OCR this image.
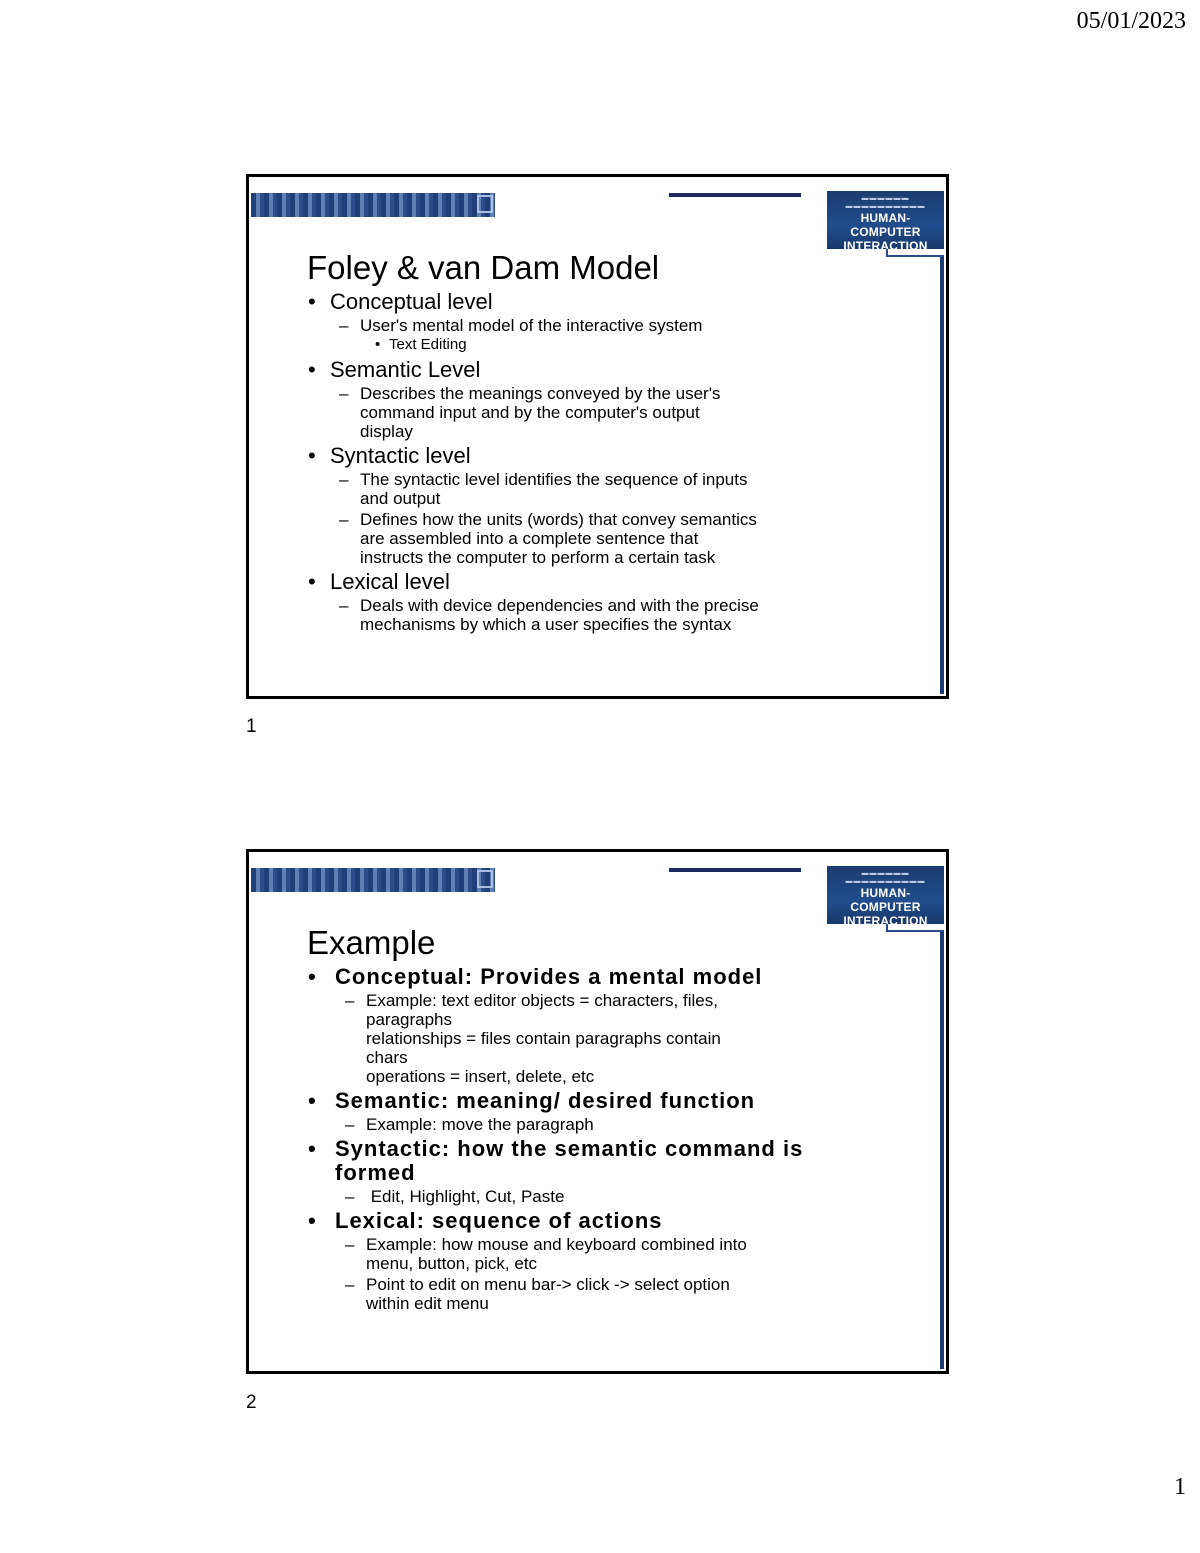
05/01/2023
▬▬▬▬▬▬
▬▬▬▬▬▬▬▬▬▬
HUMAN-COMPUTER
INTERACTION
Foley & van Dam Model
• Conceptual level
– User's mental model of the interactive system
• Text Editing
• Semantic Level
– Describes the meanings conveyed by the user's
command input and by the computer's output
display
• Syntactic level
– The syntactic level identifies the sequence of inputs
and output
– Defines how the units (words) that convey semantics
are assembled into a complete sentence that
instructs the computer to perform a certain task
• Lexical level
– Deals with device dependencies and with the precise
mechanisms by which a user specifies the syntax
1
▬▬▬▬▬▬
▬▬▬▬▬▬▬▬▬▬
HUMAN-COMPUTER
INTERACTION
Example
• Conceptual: Provides a mental model
– Example: text editor objects = characters, files,
paragraphs
relationships = files contain paragraphs contain
chars
operations = insert, delete, etc
• Semantic: meaning/ desired function
– Example: move the paragraph
• Syntactic: how the semantic command is
formed
–  Edit, Highlight, Cut, Paste
• Lexical: sequence of actions
– Example: how mouse and keyboard combined into
menu, button, pick, etc
– Point to edit on menu bar-> click -> select option
within edit menu
2
1
